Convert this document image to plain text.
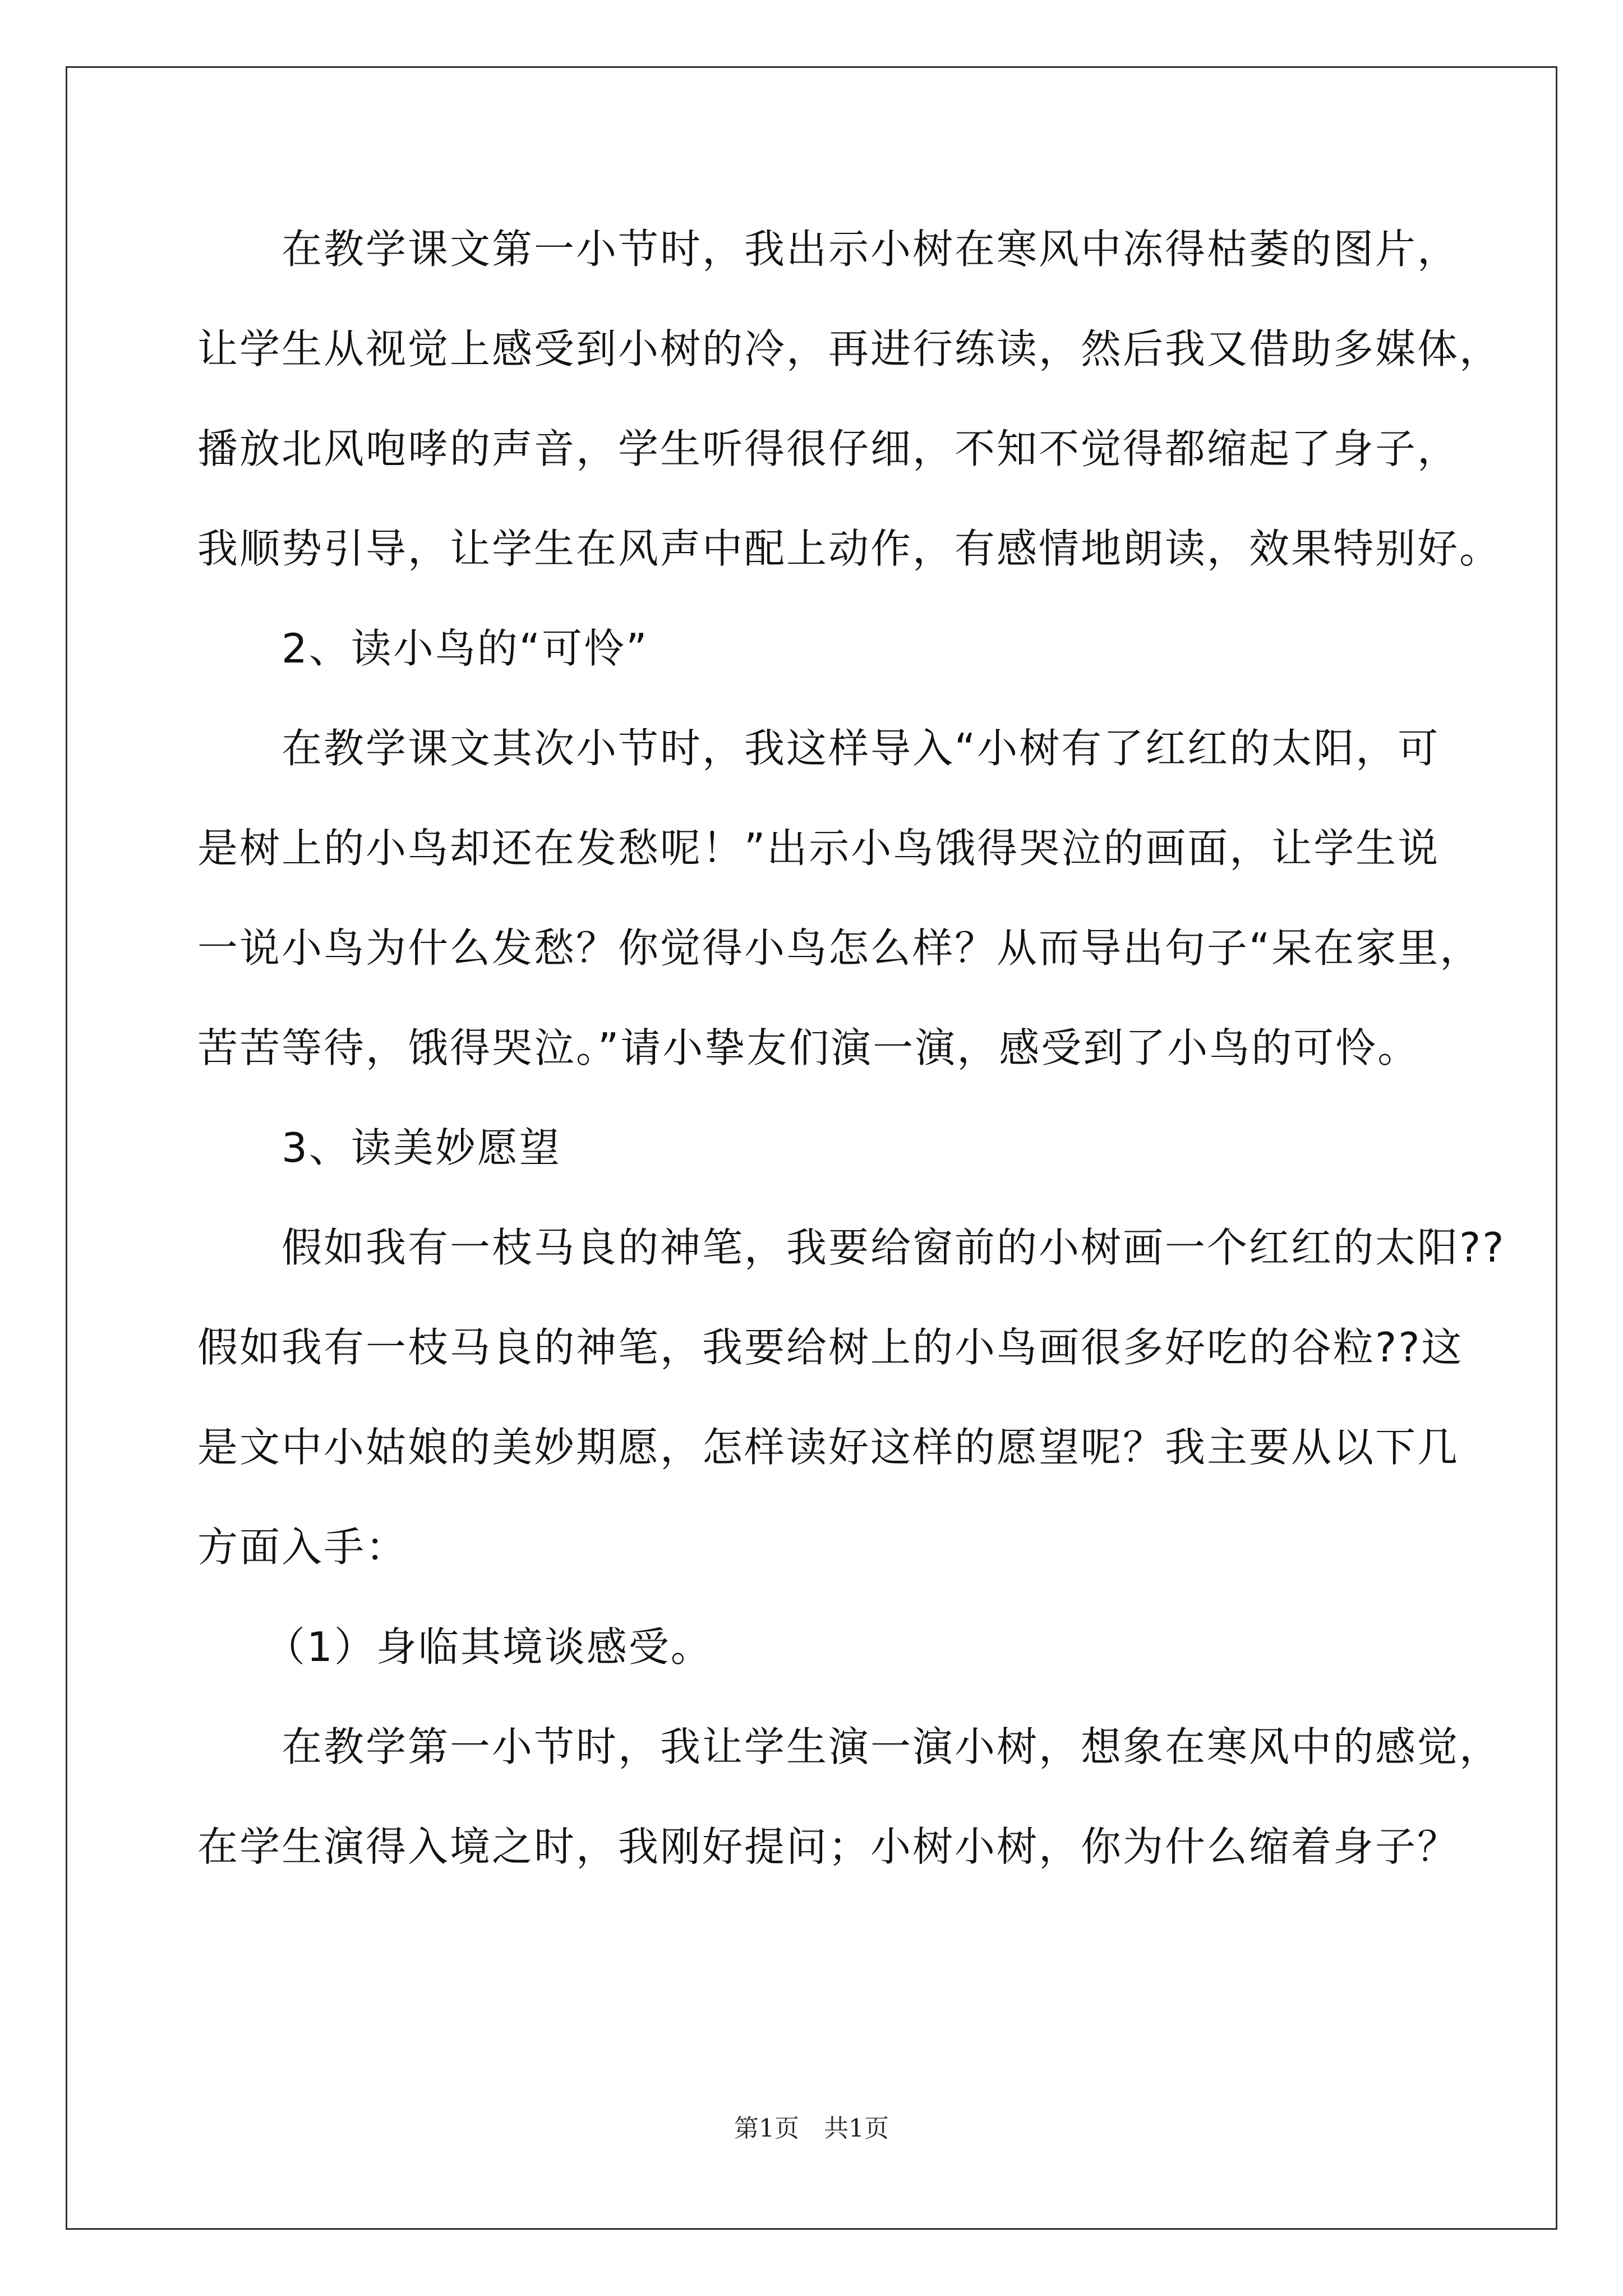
在教学课文第一小节时，我出示小树在寒风中冻得枯萎的图片，

让学生从视觉上感受到小树的冷，再进行练读，然后我又借助多媒体，

播放北风咆哮的声音，学生听得很仔细，不知不觉得都缩起了身子，

我顺势引导，让学生在风声中配上动作，有感情地朗读，效果特别好。

2、读小鸟的“可怜”

在教学课文其次小节时，我这样导入“小树有了红红的太阳，可

是树上的小鸟却还在发愁呢！”出示小鸟饿得哭泣的画面，让学生说

一说小鸟为什么发愁？你觉得小鸟怎么样？从而导出句子“呆在家里，

苦苦等待，饿得哭泣。”请小挚友们演一演，感受到了小鸟的可怜。

3、读美妙愿望

假如我有一枝马良的神笔，我要给窗前的小树画一个红红的太阳??

假如我有一枝马良的神笔，我要给树上的小鸟画很多好吃的谷粒??这

是文中小姑娘的美妙期愿，怎样读好这样的愿望呢？我主要从以下几

方面入手：

（1）身临其境谈感受。

在教学第一小节时，我让学生演一演小树，想象在寒风中的感觉，

在学生演得入境之时，我刚好提问；小树小树，你为什么缩着身子？

第1页　共1页
